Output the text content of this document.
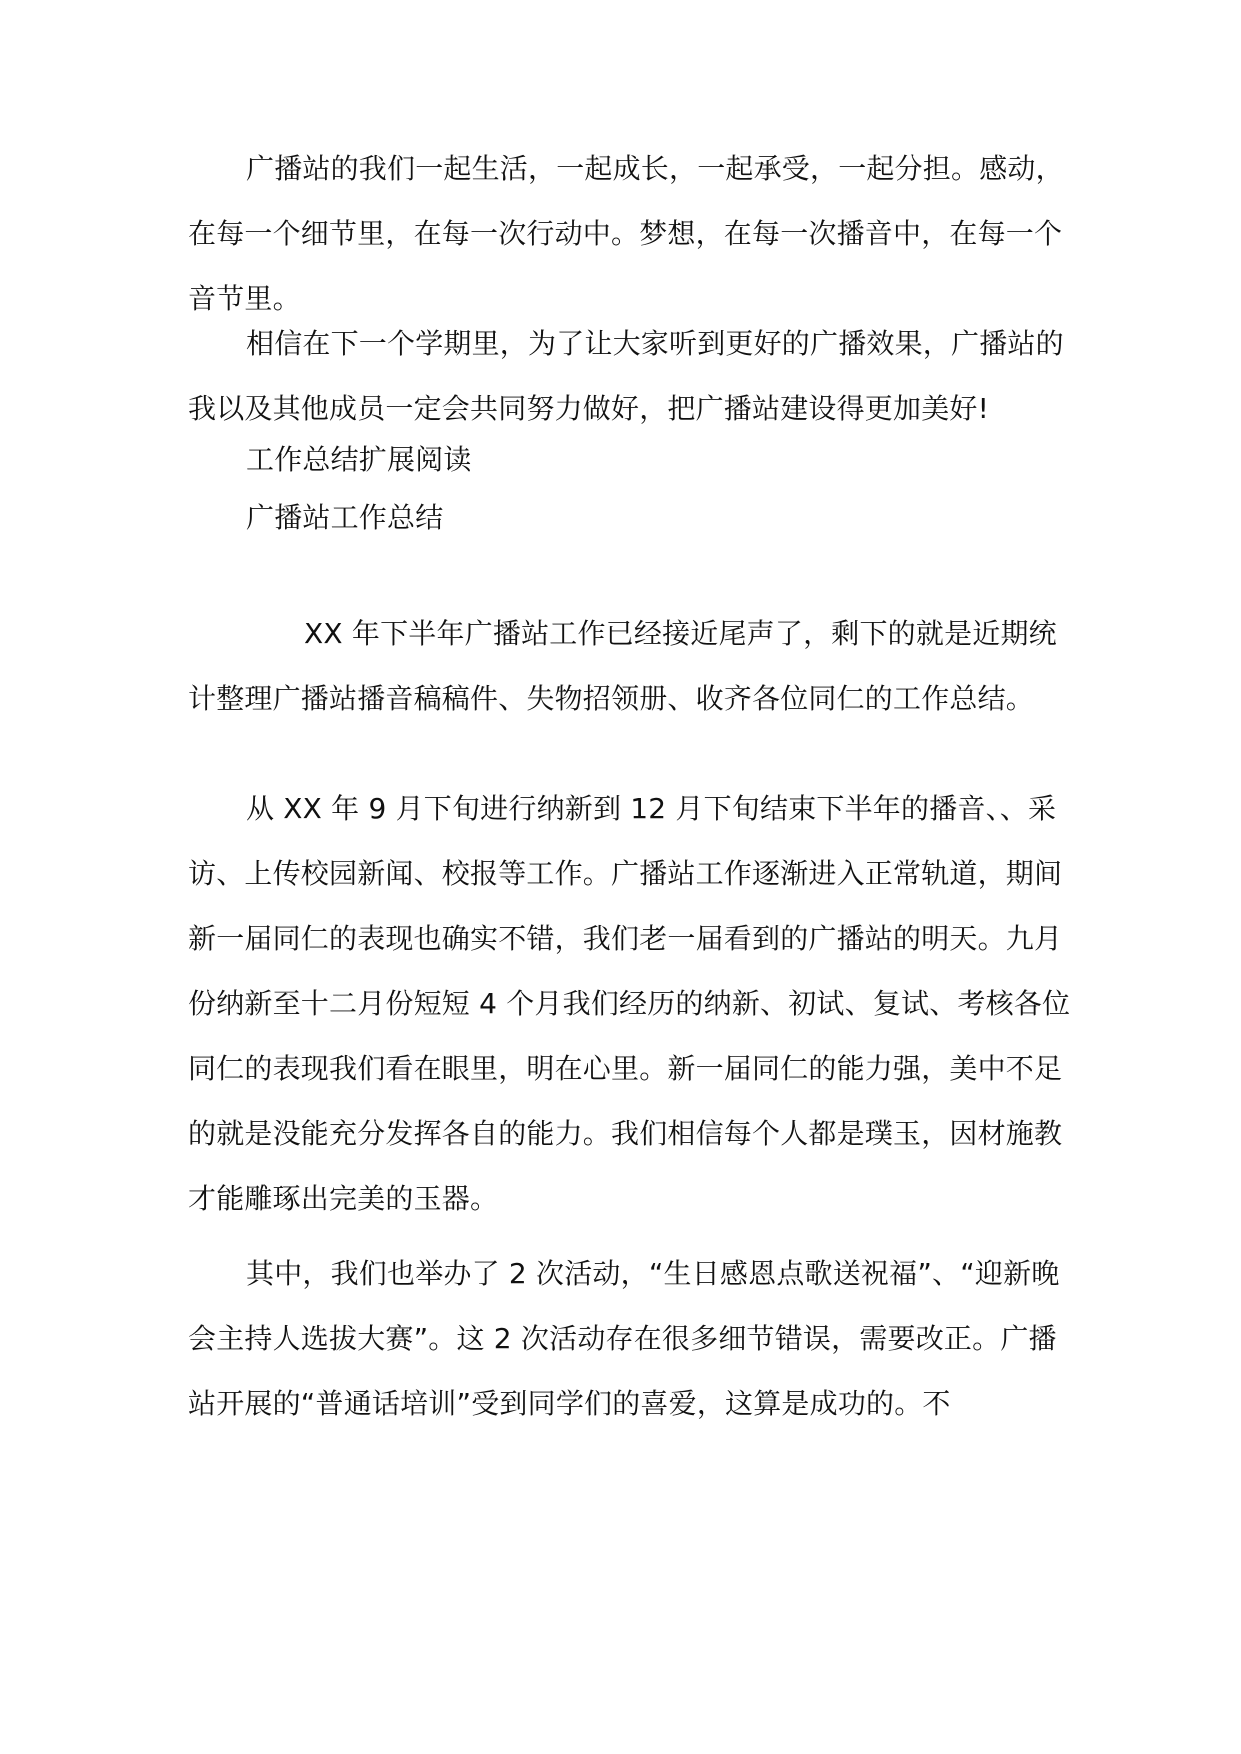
广播站的我们一起生活，一起成长，一起承受，一起分担。感动，在每一个细节里，在每一次行动中。梦想，在每一次播音中，在每一个音节里。

相信在下一个学期里，为了让大家听到更好的广播效果，广播站的我以及其他成员一定会共同努力做好，把广播站建设得更加美好!

工作总结扩展阅读

广播站工作总结

XX 年下半年广播站工作已经接近尾声了，剩下的就是近期统计整理广播站播音稿稿件、失物招领册、收齐各位同仁的工作总结。

从 XX 年 9 月下旬进行纳新到 12 月下旬结束下半年的播音、、采访、上传校园新闻、校报等工作。广播站工作逐渐进入正常轨道，期间新一届同仁的表现也确实不错，我们老一届看到的广播站的明天。九月份纳新至十二月份短短 4 个月我们经历的纳新、初试、复试、考核各位同仁的表现我们看在眼里，明在心里。新一届同仁的能力强，美中不足的就是没能充分发挥各自的能力。我们相信每个人都是璞玉，因材施教才能雕琢出完美的玉器。

其中，我们也举办了 2 次活动，“生日感恩点歌送祝福”、“迎新晚会主持人选拔大赛”。这 2 次活动存在很多细节错误，需要改正。广播站开展的“普通话培训”受到同学们的喜爱，这算是成功的。不
